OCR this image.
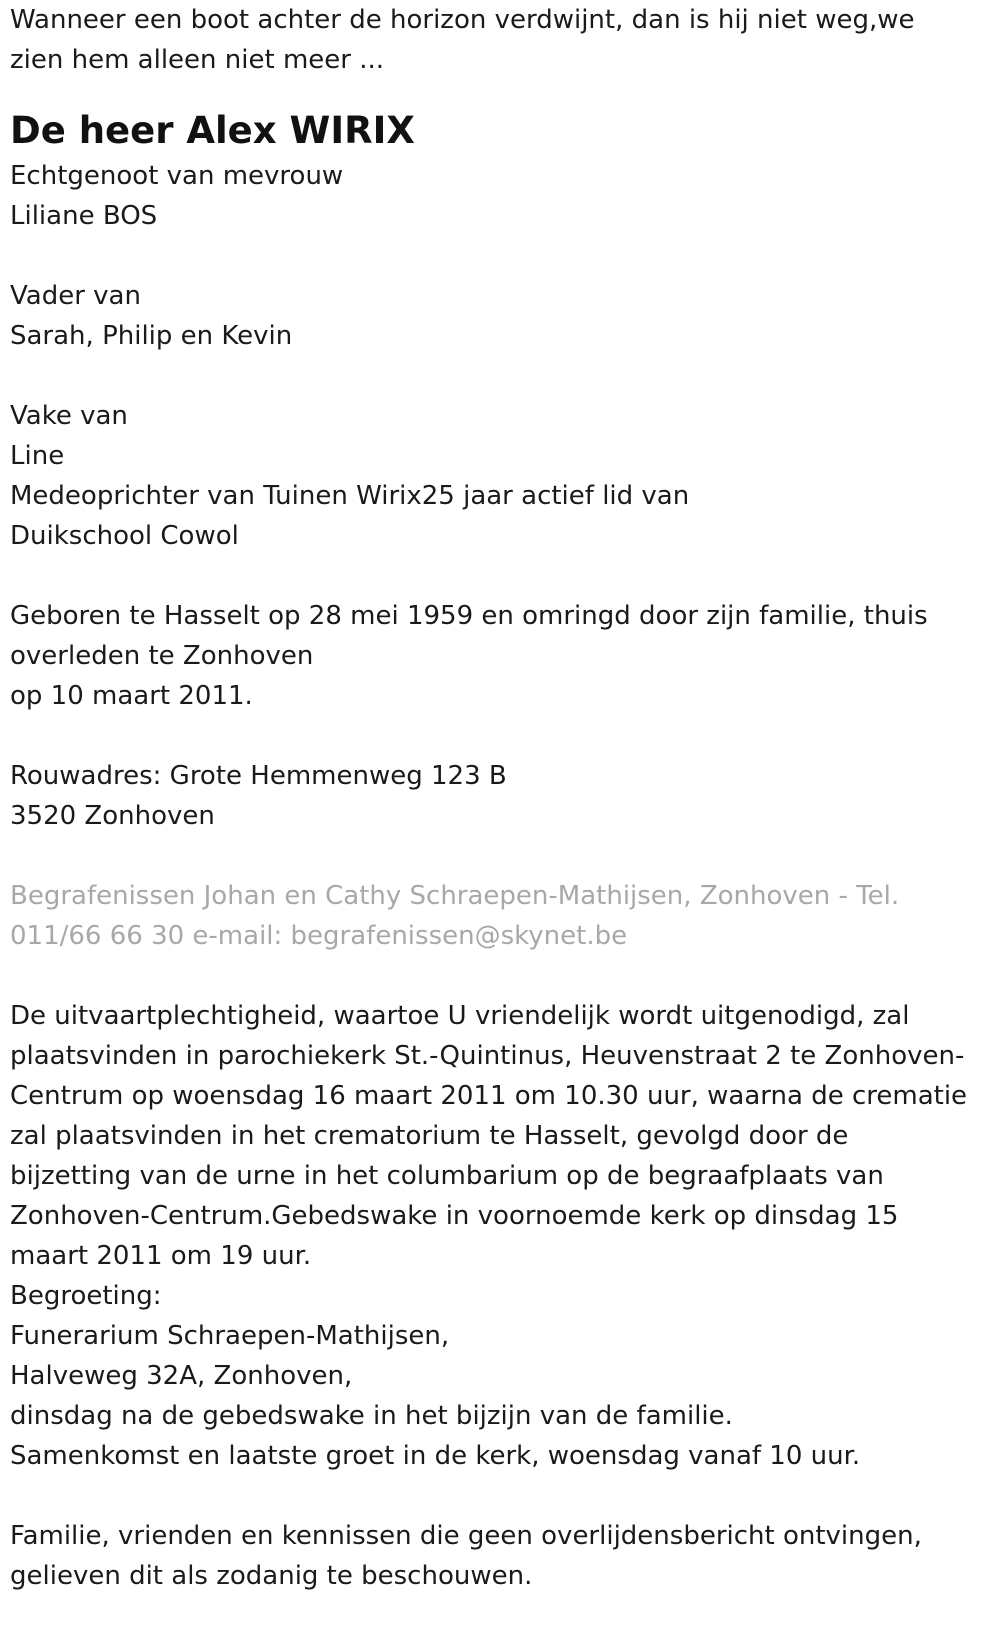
Wanneer een boot achter de horizon verdwijnt, dan is hij niet weg,we

zien hem alleen niet meer ...

De heer Alex WIRIX

Echtgenoot van mevrouw

Liliane BOS

Vader van

Sarah, Philip en Kevin

Vake van

Line

Medeoprichter van Tuinen Wirix25 jaar actief lid van

Duikschool Cowol

Geboren te Hasselt op 28 mei 1959 en omringd door zijn familie, thuis

overleden te Zonhoven

op 10 maart 2011.

Rouwadres: Grote Hemmenweg 123 B

3520 Zonhoven

Begrafenissen Johan en Cathy Schraepen-Mathijsen, Zonhoven - Tel.

011/66 66 30 e-mail: begrafenissen@skynet.be

De uitvaartplechtigheid, waartoe U vriendelijk wordt uitgenodigd, zal

plaatsvinden in parochiekerk St.-Quintinus, Heuvenstraat 2 te Zonhoven-

Centrum op woensdag 16 maart 2011 om 10.30 uur, waarna de crematie

zal plaatsvinden in het crematorium te Hasselt, gevolgd door de

bijzetting van de urne in het columbarium op de begraafplaats van

Zonhoven-Centrum.Gebedswake in voornoemde kerk op dinsdag 15

maart 2011 om 19 uur.

Begroeting:

Funerarium Schraepen-Mathijsen,

Halveweg 32A, Zonhoven,

dinsdag na de gebedswake in het bijzijn van de familie.

Samenkomst en laatste groet in de kerk, woensdag vanaf 10 uur.

Familie, vrienden en kennissen die geen overlijdensbericht ontvingen,

gelieven dit als zodanig te beschouwen.
